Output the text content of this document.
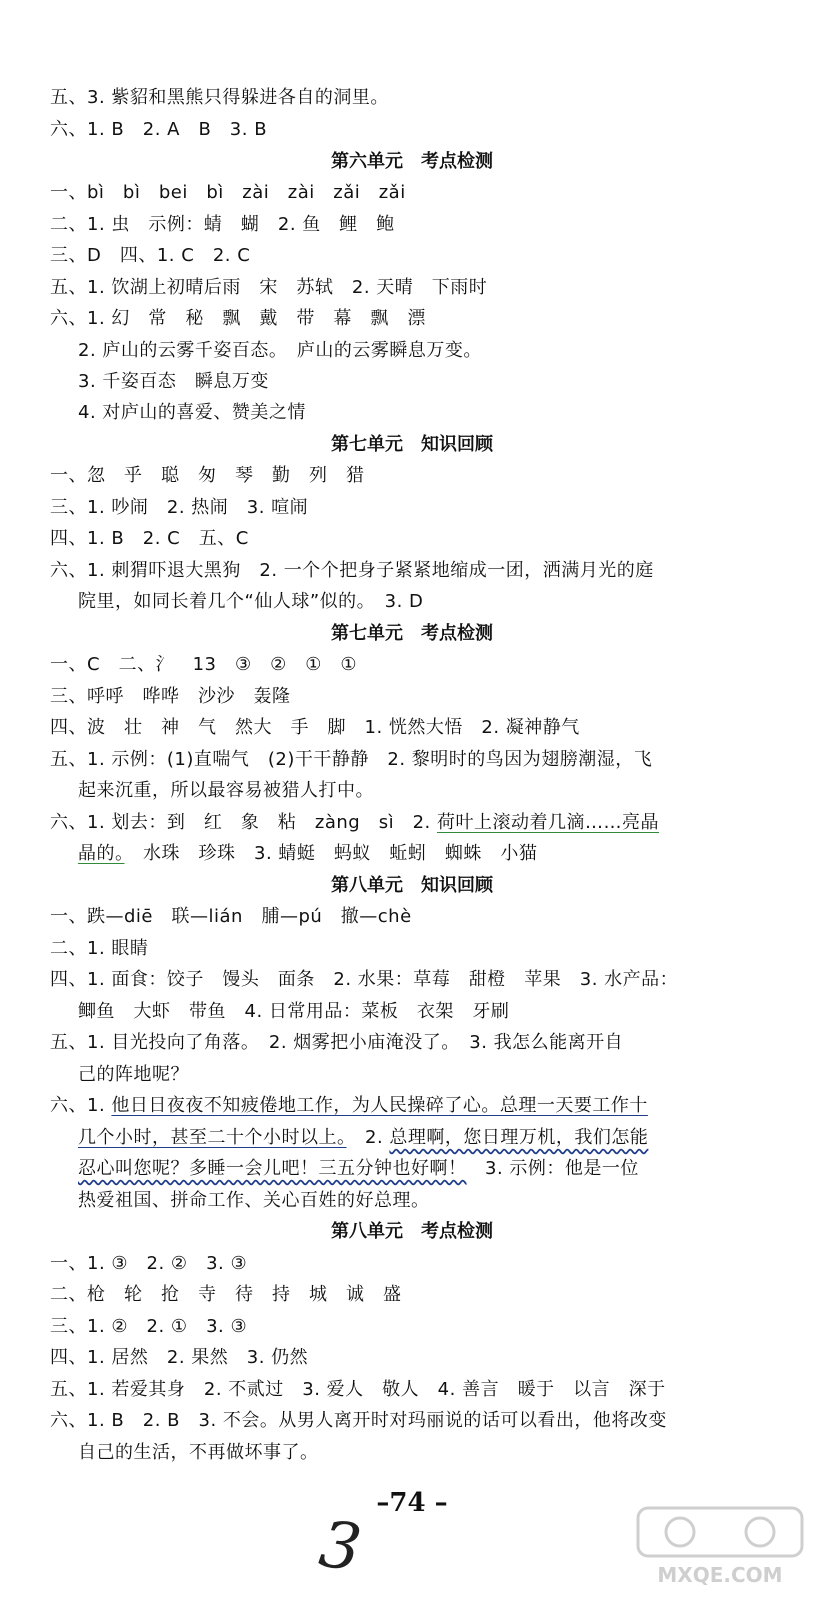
五、3. 紫貂和黑熊只得躲进各自的洞里。
六、1. B　2. A　B　3. B
第六单元　考点检测
一、bì　bì　bei　bì　zài　zài　zǎi　zǎi
二、1. 虫　示例：蜻　蝴　2. 鱼　鲤　鲍
三、D　四、1. C　2. C
五、1. 饮湖上初晴后雨　宋　苏轼　2. 天晴　下雨时
六、1. 幻　常　秘　飘　戴　带　幕　飘　漂
2. 庐山的云雾千姿百态。　庐山的云雾瞬息万变。
3. 千姿百态　瞬息万变
4. 对庐山的喜爱、赞美之情
第七单元　知识回顾
一、忽　乎　聪　匆　琴　勤　列　猎
三、1. 吵闹　2. 热闹　3. 喧闹
四、1. B　2. C　五、C
六、1. 刺猬吓退大黑狗　2. 一个个把身子紧紧地缩成一团，洒满月光的庭
院里，如同长着几个“仙人球”似的。　3. D
第七单元　考点检测
一、C　二、氵　13　③　②　①　①
三、呼呼　哗哗　沙沙　轰隆
四、波　壮　神　气　然大　手　脚　1. 恍然大悟　2. 凝神静气
五、1. 示例：(1)直喘气　(2)干干静静　2. 黎明时的鸟因为翅膀潮湿，飞
起来沉重，所以最容易被猎人打中。
六、1. 划去：到　红　象　粘　zàng　sì　2. 荷叶上滚动着几滴……亮晶
晶的。　水珠　珍珠　3. 蜻蜓　蚂蚁　蚯蚓　蜘蛛　小猫
第八单元　知识回顾
一、跌—diē　联—lián　脯—pú　撤—chè
二、1. 眼睛
四、1. 面食：饺子　馒头　面条　2. 水果：草莓　甜橙　苹果　3. 水产品：
鲫鱼　大虾　带鱼　4. 日常用品：菜板　衣架　牙刷
五、1. 目光投向了角落。　2. 烟雾把小庙淹没了。　3. 我怎么能离开自
己的阵地呢？
六、1. 他日日夜夜不知疲倦地工作，为人民操碎了心。总理一天要工作十
几个小时，甚至二十个小时以上。　2. 总理啊，您日理万机，我们怎能
忍心叫您呢？多睡一会儿吧！三五分钟也好啊！　3. 示例：他是一位
热爱祖国、拼命工作、关心百姓的好总理。
第八单元　考点检测
一、1. ③　2. ②　3. ③
二、枪　轮　抢　寺　待　持　城　诚　盛
三、1. ②　2. ①　3. ③
四、1. 居然　2. 果然　3. 仍然
五、1. 若爱其身　2. 不贰过　3. 爱人　敬人　4. 善言　暖于　以言　深于
六、1. B　2. B　3. 不会。从男人离开时对玛丽说的话可以看出，他将改变
自己的生活，不再做坏事了。
–74 –
3	MXQE.COM
